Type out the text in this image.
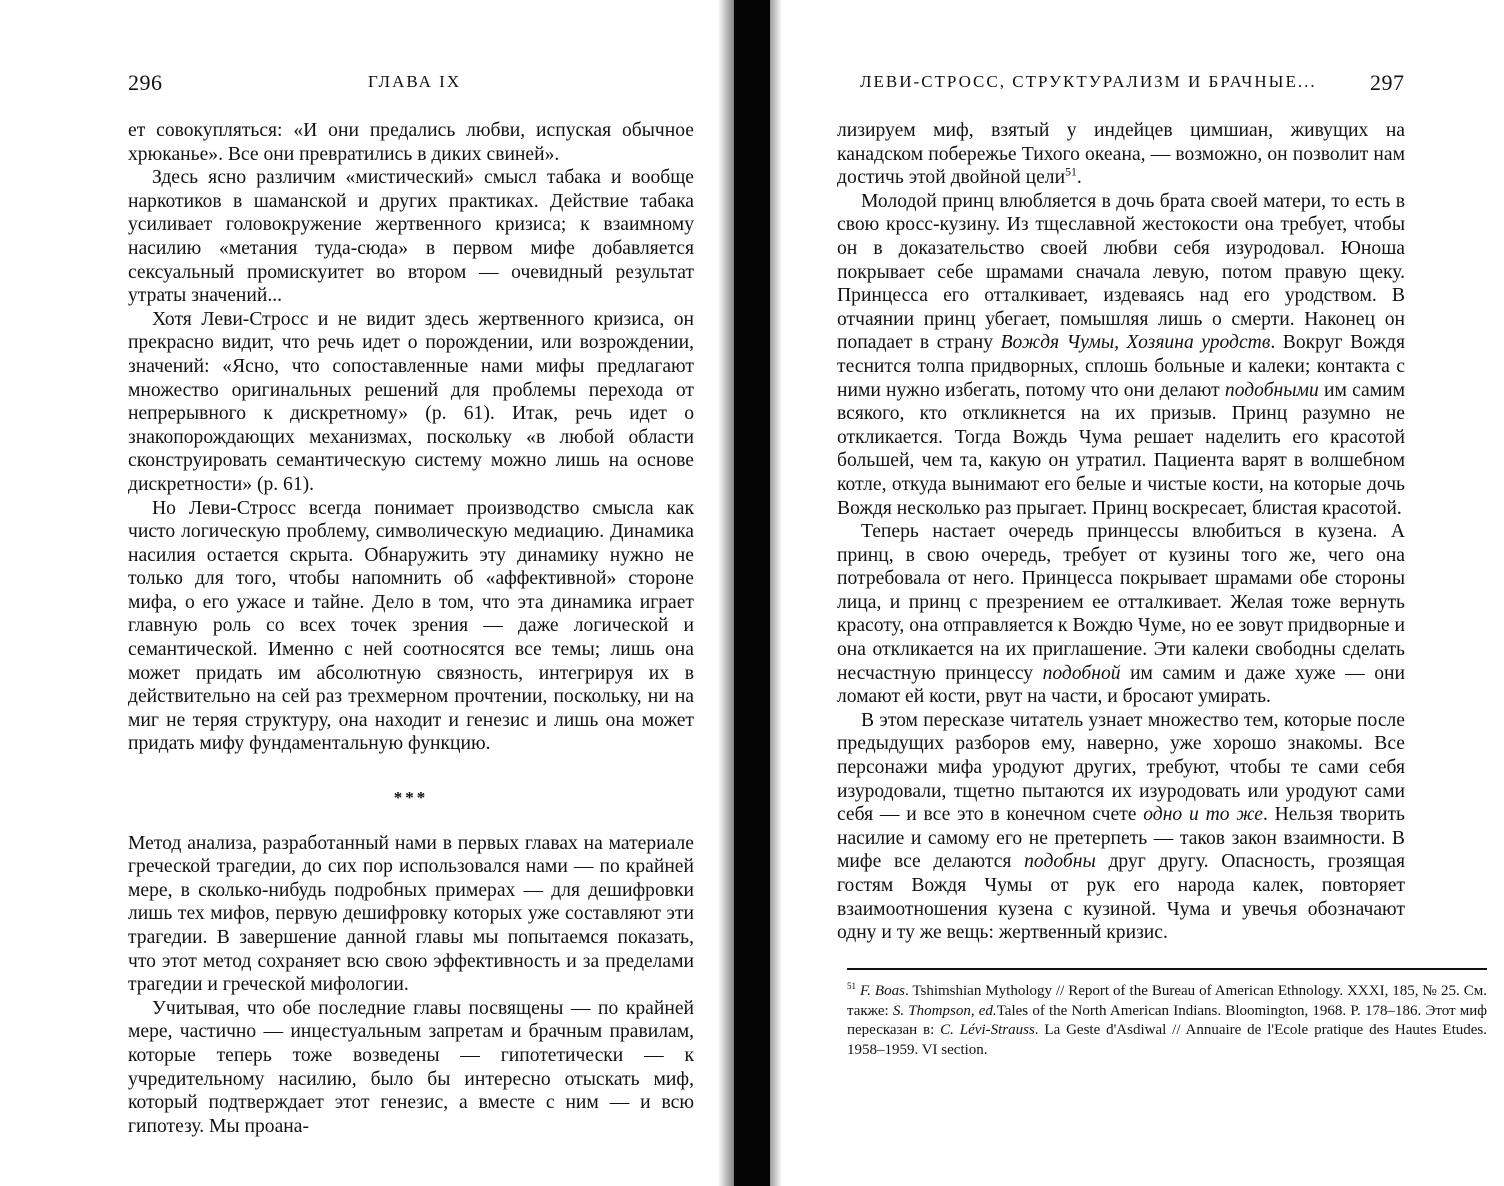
296	ГЛАВА IX

ет совокупляться: «И они предались любви, испуская обычное хрюканье». Все они превратились в диких свиней».

Здесь ясно различим «мистический» смысл табака и вообще наркотиков в шаманской и других практиках. Действие табака усиливает головокружение жертвенного кризиса; к взаимному насилию «метания туда-сюда» в первом мифе добавляется сексуальный промискуитет во втором — очевидный результат утраты значений...

Хотя Леви-Стросс и не видит здесь жертвенного кризиса, он прекрасно видит, что речь идет о порождении, или возрождении, значений: «Ясно, что сопоставленные нами мифы предлагают множество оригинальных решений для проблемы перехода от непрерывного к дискретному» (р. 61). Итак, речь идет о знакопорождающих механизмах, поскольку «в любой области сконструировать семантическую систему можно лишь на основе дискретности» (р. 61).

Но Леви-Стросс всегда понимает производство смысла как чисто логическую проблему, символическую медиацию. Динамика насилия остается скрыта. Обнаружить эту динамику нужно не только для того, чтобы напомнить об «аффективной» стороне мифа, о его ужасе и тайне. Дело в том, что эта динамика играет главную роль со всех точек зрения — даже логической и семантической. Именно с ней соотносятся все темы; лишь она может придать им абсолютную связность, интегрируя их в действительно на сей раз трехмерном прочтении, поскольку, ни на миг не теряя структуру, она находит и генезис и лишь она может придать мифу фундаментальную функцию.

***

Метод анализа, разработанный нами в первых главах на материале греческой трагедии, до сих пор использовался нами — по крайней мере, в сколько-нибудь подробных примерах — для дешифровки лишь тех мифов, первую дешифровку которых уже составляют эти трагедии. В завершение данной главы мы попытаемся показать, что этот метод сохраняет всю свою эффективность и за пределами трагедии и греческой мифологии.

Учитывая, что обе последние главы посвящены — по крайней мере, частично — инцестуальным запретам и брачным правилам, которые теперь тоже возведены — гипотетически — к учредительному насилию, было бы интересно отыскать миф, который подтверждает этот генезис, а вместе с ним — и всю гипотезу. Мы проана-

ЛЕВИ-СТРОСС, СТРУКТУРАЛИЗМ И БРАЧНЫЕ... 297

лизируем миф, взятый у индейцев цимшиан, живущих на канадском побережье Тихого океана, — возможно, он позволит нам достичь этой двойной цели$^{51}$.

Молодой принц влюбляется в дочь брата своей матери, то есть в свою кросс-кузину. Из тщеславной жестокости она требует, чтобы он в доказательство своей любви себя изуродовал. Юноша покрывает себе шрамами сначала левую, потом правую щеку. Принцесса его отталкивает, издеваясь над его уродством. В отчаянии принц убегает, помышляя лишь о смерти. Наконец он попадает в страну Вождя Чумы, Хозяина уродств. Вокруг Вождя теснится толпа придворных, сплошь больные и калеки; контакта с ними нужно избегать, потому что они делают подобными им самим всякого, кто откликнется на их призыв. Принц разумно не откликается. Тогда Вождь Чума решает наделить его красотой большей, чем та, какую он утратил. Пациента варят в волшебном котле, откуда вынимают его белые и чистые кости, на которые дочь Вождя несколько раз прыгает. Принц воскресает, блистая красотой.

Теперь настает очередь принцессы влюбиться в кузена. А принц, в свою очередь, требует от кузины того же, чего она потребовала от него. Принцесса покрывает шрамами обе стороны лица, и принц с презрением ее отталкивает. Желая тоже вернуть красоту, она отправляется к Вождю Чуме, но ее зовут придворные и она откликается на их приглашение. Эти калеки свободны сделать несчастную принцессу подобной им самим и даже хуже — они ломают ей кости, рвут на части, и бросают умирать.

В этом пересказе читатель узнает множество тем, которые после предыдущих разборов ему, наверно, уже хорошо знакомы. Все персонажи мифа уродуют других, требуют, чтобы те сами себя изуродовали, тщетно пытаются их изуродовать или уродуют сами себя — и все это в конечном счете одно и то же. Нельзя творить насилие и самому его не претерпеть — таков закон взаимности. В мифе все делаются подобны друг другу. Опасность, грозящая гостям Вождя Чумы от рук его народа калек, повторяет взаимоотношения кузена с кузиной. Чума и увечья обозначают одну и ту же вещь: жертвенный кризис.

$^{51}$ F. Boas. Tshimshian Mythology // Report of the Bureau of American Ethnology. XXXI, 185, № 25. См. также: S. Thompson, ed.Tales of the North American Indians. Bloomington, 1968. P. 178–186. Этот миф пересказан в: C. Lévi-Strauss. La Geste d'Asdiwal // Annuaire de l'Ecole pratique des Hautes Etudes. 1958–1959. VI section.
